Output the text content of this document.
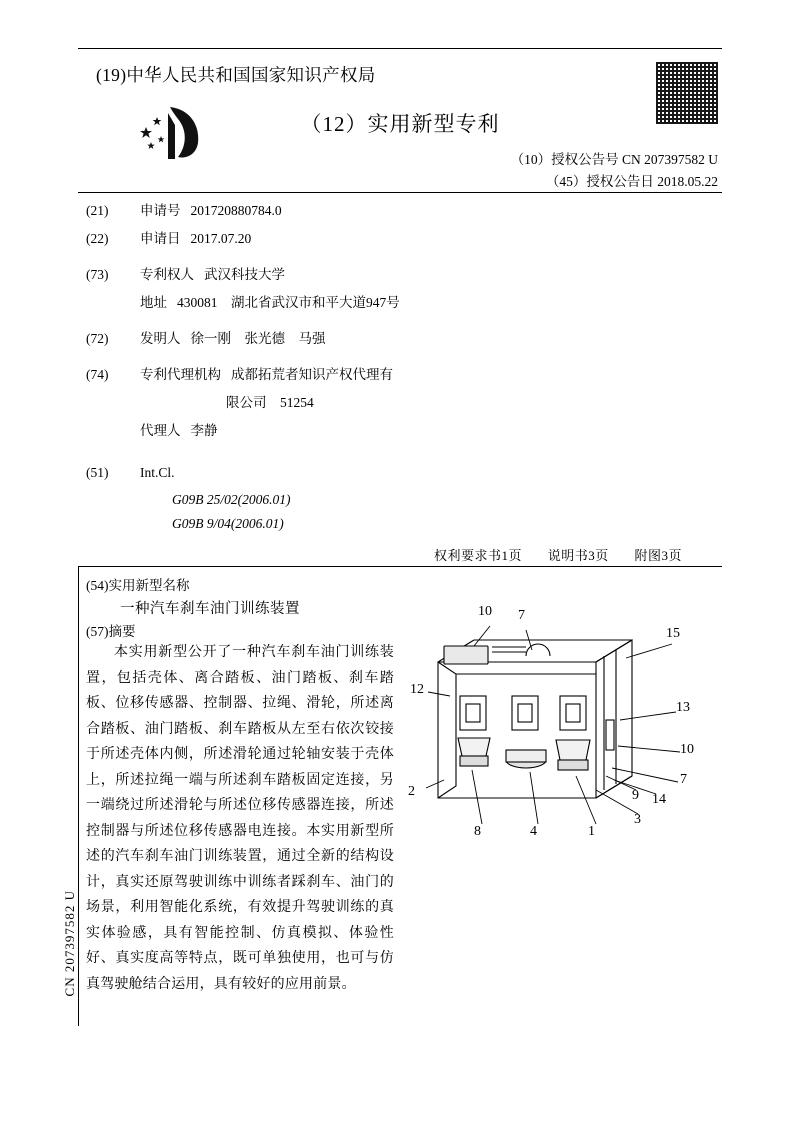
(19)中华人民共和国国家知识产权局
（12）实用新型专利
（10）授权公告号 CN 207397582 U
（45）授权公告日 2018.05.22
(21)	申请号 201720880784.0
(22)	申请日 2017.07.20
(73)	专利权人 武汉科技大学
地址 430081　湖北省武汉市和平大道947号
(72)	发明人 徐一刚　张光德　马强
(74)	专利代理机构 成都拓荒者知识产权代理有
限公司　51254
代理人 李静
(51)	Int.Cl.
G09B 25/02(2006.01)
G09B 9/04(2006.01)
权利要求书1页 说明书3页 附图3页
(54)实用新型名称
一种汽车刹车油门训练装置
(57)摘要
本实用新型公开了一种汽车刹车油门训练装置，包括壳体、离合踏板、油门踏板、刹车踏板、位移传感器、控制器、拉绳、滑轮，所述离合踏板、油门踏板、刹车踏板从左至右依次铰接于所述壳体内侧，所述滑轮通过轮轴安装于壳体上，所述拉绳一端与所述刹车踏板固定连接，另一端绕过所述滑轮与所述位移传感器连接，所述控制器与所述位移传感器电连接。本实用新型所述的汽车刹车油门训练装置，通过全新的结构设计，真实还原驾驶训练中训练者踩刹车、油门的场景，利用智能化系统，有效提升驾驶训练的真实体验感，具有智能控制、仿真模拟、体验性好、真实度高等特点，既可单独使用，也可与仿真驾驶舱结合运用，具有较好的应用前景。
CN 207397582 U
10 7
15
12
13
10
7
2	9 14
3
8	4	1
